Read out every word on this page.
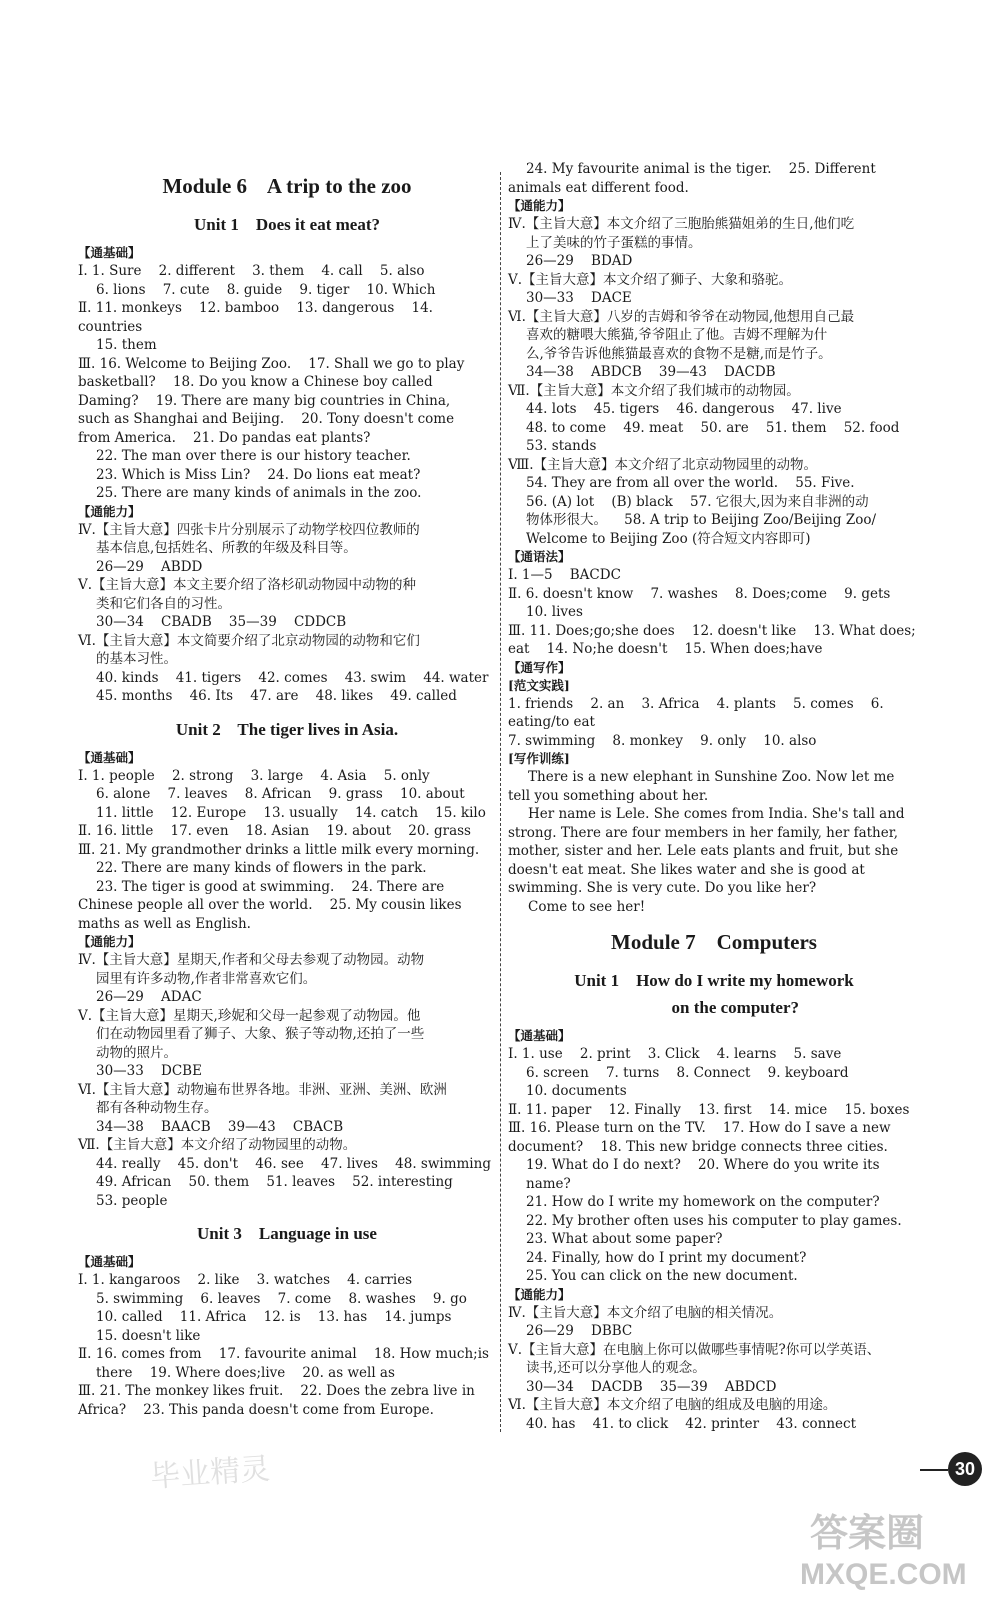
Module 6    A trip to the zoo
Unit 1    Does it eat meat?
【通基础】
Ⅰ. 1. Sure    2. different    3. them    4. call    5. also
6. lions    7. cute    8. guide    9. tiger    10. Which
Ⅱ. 11. monkeys    12. bamboo    13. dangerous    14. countries
15. them
Ⅲ. 16. Welcome to Beijing Zoo.    17. Shall we go to play
basketball?    18. Do you know a Chinese boy called
Daming?    19. There are many big countries in China,
such as Shanghai and Beijing.    20. Tony doesn't come
from America.    21. Do pandas eat plants?
22. The man over there is our history teacher.
23. Which is Miss Lin?    24. Do lions eat meat?
25. There are many kinds of animals in the zoo.
【通能力】
Ⅳ.【主旨大意】四张卡片分别展示了动物学校四位教师的
基本信息,包括姓名、所教的年级及科目等。
26—29    ABDD
Ⅴ.【主旨大意】本文主要介绍了洛杉矶动物园中动物的种
类和它们各自的习性。
30—34    CBADB    35—39    CDDCB
Ⅵ.【主旨大意】本文简要介绍了北京动物园的动物和它们
的基本习性。
40. kinds    41. tigers    42. comes    43. swim    44. water
45. months    46. Its    47. are    48. likes    49. called
Unit 2    The tiger lives in Asia.
【通基础】
Ⅰ. 1. people    2. strong    3. large    4. Asia    5. only
6. alone    7. leaves    8. African    9. grass    10. about
11. little    12. Europe    13. usually    14. catch    15. kilo
Ⅱ. 16. little    17. even    18. Asian    19. about    20. grass
Ⅲ. 21. My grandmother drinks a little milk every morning.
22. There are many kinds of flowers in the park.
23. The tiger is good at swimming.    24. There are
Chinese people all over the world.    25. My cousin likes
maths as well as English.
【通能力】
Ⅳ.【主旨大意】星期天,作者和父母去参观了动物园。动物
园里有许多动物,作者非常喜欢它们。
26—29    ADAC
Ⅴ.【主旨大意】星期天,珍妮和父母一起参观了动物园。他
们在动物园里看了狮子、大象、猴子等动物,还拍了一些
动物的照片。
30—33    DCBE
Ⅵ.【主旨大意】动物遍布世界各地。非洲、亚洲、美洲、欧洲
都有各种动物生存。
34—38    BAACB    39—43    CBACB
Ⅶ.【主旨大意】本文介绍了动物园里的动物。
44. really    45. don't    46. see    47. lives    48. swimming
49. African    50. them    51. leaves    52. interesting
53. people
Unit 3    Language in use
【通基础】
Ⅰ. 1. kangaroos    2. like    3. watches    4. carries
5. swimming    6. leaves    7. come    8. washes    9. go
10. called    11. Africa    12. is    13. has    14. jumps
15. doesn't like
Ⅱ. 16. comes from    17. favourite animal    18. How much;is
there    19. Where does;live    20. as well as
Ⅲ. 21. The monkey likes fruit.    22. Does the zebra live in
Africa?    23. This panda doesn't come from Europe.
24. My favourite animal is the tiger.    25. Different
animals eat different food.
【通能力】
Ⅳ.【主旨大意】本文介绍了三胞胎熊猫姐弟的生日,他们吃
上了美味的竹子蛋糕的事情。
26—29    BDAD
Ⅴ.【主旨大意】本文介绍了狮子、大象和骆驼。
30—33    DACE
Ⅵ.【主旨大意】八岁的吉姆和爷爷在动物园,他想用自己最
喜欢的糖喂大熊猫,爷爷阻止了他。吉姆不理解为什
么,爷爷告诉他熊猫最喜欢的食物不是糖,而是竹子。
34—38    ABDCB    39—43    DACDB
Ⅶ.【主旨大意】本文介绍了我们城市的动物园。
44. lots    45. tigers    46. dangerous    47. live
48. to come    49. meat    50. are    51. them    52. food
53. stands
Ⅷ.【主旨大意】本文介绍了北京动物园里的动物。
54. They are from all over the world.    55. Five.
56. (A) lot    (B) black    57. 它很大,因为来自非洲的动
物体形很大。    58. A trip to Beijing Zoo/Beijing Zoo/
Welcome to Beijing Zoo (符合短文内容即可)
【通语法】
Ⅰ. 1—5    BACDC
Ⅱ. 6. doesn't know    7. washes    8. Does;come    9. gets
10. lives
Ⅲ. 11. Does;go;she does    12. doesn't like    13. What does;
eat    14. No;he doesn't    15. When does;have
【通写作】
[范文实践]
1. friends    2. an    3. Africa    4. plants    5. comes    6. eating/to eat
7. swimming    8. monkey    9. only    10. also
[写作训练]
There is a new elephant in Sunshine Zoo. Now let me
tell you something about her.
Her name is Lele. She comes from India. She's tall and
strong. There are four members in her family, her father,
mother, sister and her. Lele eats plants and fruit, but she
doesn't eat meat. She likes water and she is good at
swimming. She is very cute. Do you like her?
Come to see her!
Module 7    Computers
Unit 1    How do I write my homework
on the computer?
【通基础】
Ⅰ. 1. use    2. print    3. Click    4. learns    5. save
6. screen    7. turns    8. Connect    9. keyboard
10. documents
Ⅱ. 11. paper    12. Finally    13. first    14. mice    15. boxes
Ⅲ. 16. Please turn on the TV.    17. How do I save a new
document?    18. This new bridge connects three cities.
19. What do I do next?    20. Where do you write its name?
21. How do I write my homework on the computer?
22. My brother often uses his computer to play games.
23. What about some paper?
24. Finally, how do I print my document?
25. You can click on the new document.
【通能力】
Ⅳ.【主旨大意】本文介绍了电脑的相关情况。
26—29    DBBC
Ⅴ.【主旨大意】在电脑上你可以做哪些事情呢?你可以学英语、
读书,还可以分享他人的观念。
30—34    DACDB    35—39    ABDCD
Ⅵ.【主旨大意】本文介绍了电脑的组成及电脑的用途。
40. has    41. to click    42. printer    43. connect
30
毕业精灵
答案圈
MXQE.COM
